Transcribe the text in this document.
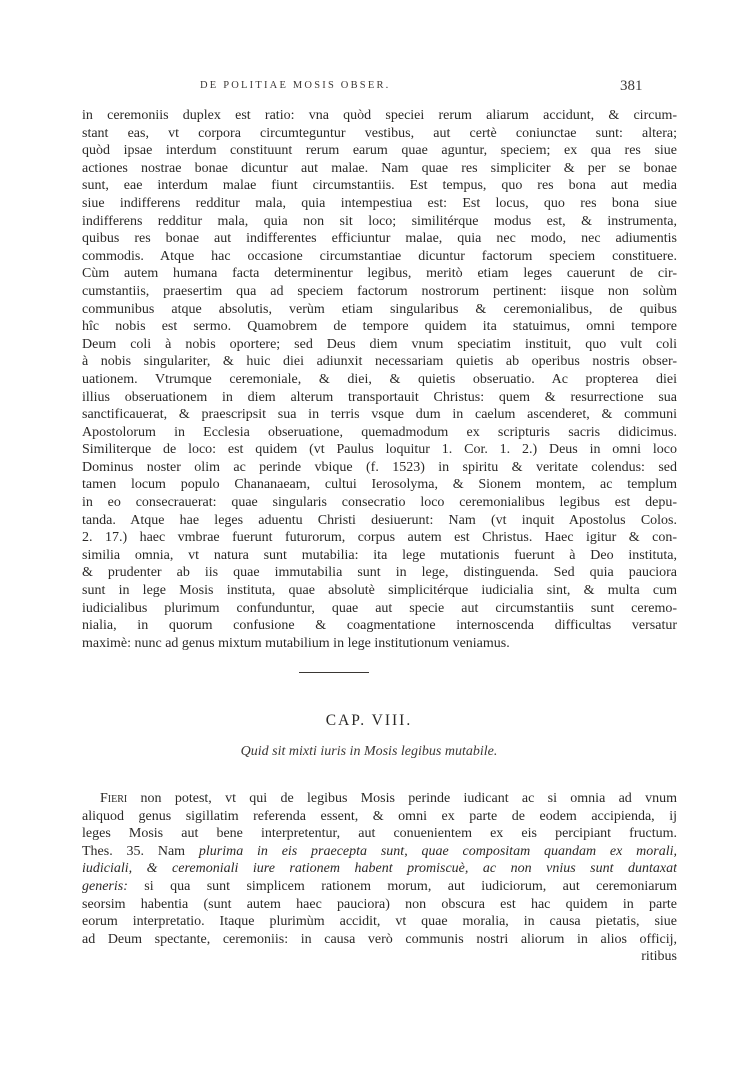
DE POLITIAE MOSIS OBSER.	381
in ceremoniis duplex est ratio: vna quòd speciei rerum aliarum accidunt, & circum-
stant eas, vt corpora circumteguntur vestibus, aut certè coniunctae sunt: altera;
quòd ipsae interdum constituunt rerum earum quae aguntur, speciem; ex qua res siue
actiones nostrae bonae dicuntur aut malae. Nam quae res simpliciter & per se bonae
sunt, eae interdum malae fiunt circumstantiis. Est tempus, quo res bona aut media
siue indifferens redditur mala, quia intempestiua est: Est locus, quo res bona siue
indifferens redditur mala, quia non sit loco; similitérque modus est, & instrumenta,
quibus res bonae aut indifferentes efficiuntur malae, quia nec modo, nec adiumentis
commodis. Atque hac occasione circumstantiae dicuntur factorum speciem constituere.
Cùm autem humana facta determinentur legibus, meritò etiam leges cauerunt de cir-
cumstantiis, praesertim qua ad speciem factorum nostrorum pertinent: iisque non solùm
communibus atque absolutis, verùm etiam singularibus & ceremonialibus, de quibus
hîc nobis est sermo. Quamobrem de tempore quidem ita statuimus, omni tempore
Deum coli à nobis oportere; sed Deus diem vnum speciatim instituit, quo vult coli
à nobis singulariter, & huic diei adiunxit necessariam quietis ab operibus nostris obser-
uationem. Vtrumque ceremoniale, & diei, & quietis obseruatio. Ac propterea diei
illius obseruationem in diem alterum transportauit Christus: quem & resurrectione sua
sanctificauerat, & praescripsit sua in terris vsque dum in caelum ascenderet, & communi
Apostolorum in Ecclesia obseruatione, quemadmodum ex scripturis sacris didicimus.
Similiterque de loco: est quidem (vt Paulus loquitur 1. Cor. 1. 2.) Deus in omni loco
Dominus noster olim ac perinde vbique (f. 1523) in spiritu & veritate colendus: sed
tamen locum populo Chananaeam, cultui Ierosolyma, & Sionem montem, ac templum
in eo consecrauerat: quae singularis consecratio loco ceremonialibus legibus est depu-
tanda. Atque hae leges aduentu Christi desiuerunt: Nam (vt inquit Apostolus Colos.
2. 17.) haec vmbrae fuerunt futurorum, corpus autem est Christus. Haec igitur & con-
similia omnia, vt natura sunt mutabilia: ita lege mutationis fuerunt à Deo instituta,
& prudenter ab iis quae immutabilia sunt in lege, distinguenda. Sed quia pauciora
sunt in lege Mosis instituta, quae absolutè simplicitérque iudicialia sint, & multa cum
iudicialibus plurimum confunduntur, quae aut specie aut circumstantiis sunt ceremo-
nialia, in quorum confusione & coagmentatione internoscenda difficultas versatur
maximè: nunc ad genus mixtum mutabilium in lege institutionum veniamus.
CAP. VIII.
Quid sit mixti iuris in Mosis legibus mutabile.
Fieri non potest, vt qui de legibus Mosis perinde iudicant ac si omnia ad vnum
aliquod genus sigillatim referenda essent, & omni ex parte de eodem accipienda, ij
leges Mosis aut bene interpretentur, aut conuenientem ex eis percipiant fructum.
Thes. 35. Nam plurima in eis praecepta sunt, quae compositam quandam ex morali,
iudiciali, & ceremoniali iure rationem habent promiscuè, ac non vnius sunt duntaxat
generis: si qua sunt simplicem rationem morum, aut iudiciorum, aut ceremoniarum
seorsim habentia (sunt autem haec pauciora) non obscura est hac quidem in parte
eorum interpretatio. Itaque plurimùm accidit, vt quae moralia, in causa pietatis, siue
ad Deum spectante, ceremoniis: in causa verò communis nostri aliorum in alios officij,
ritibus
